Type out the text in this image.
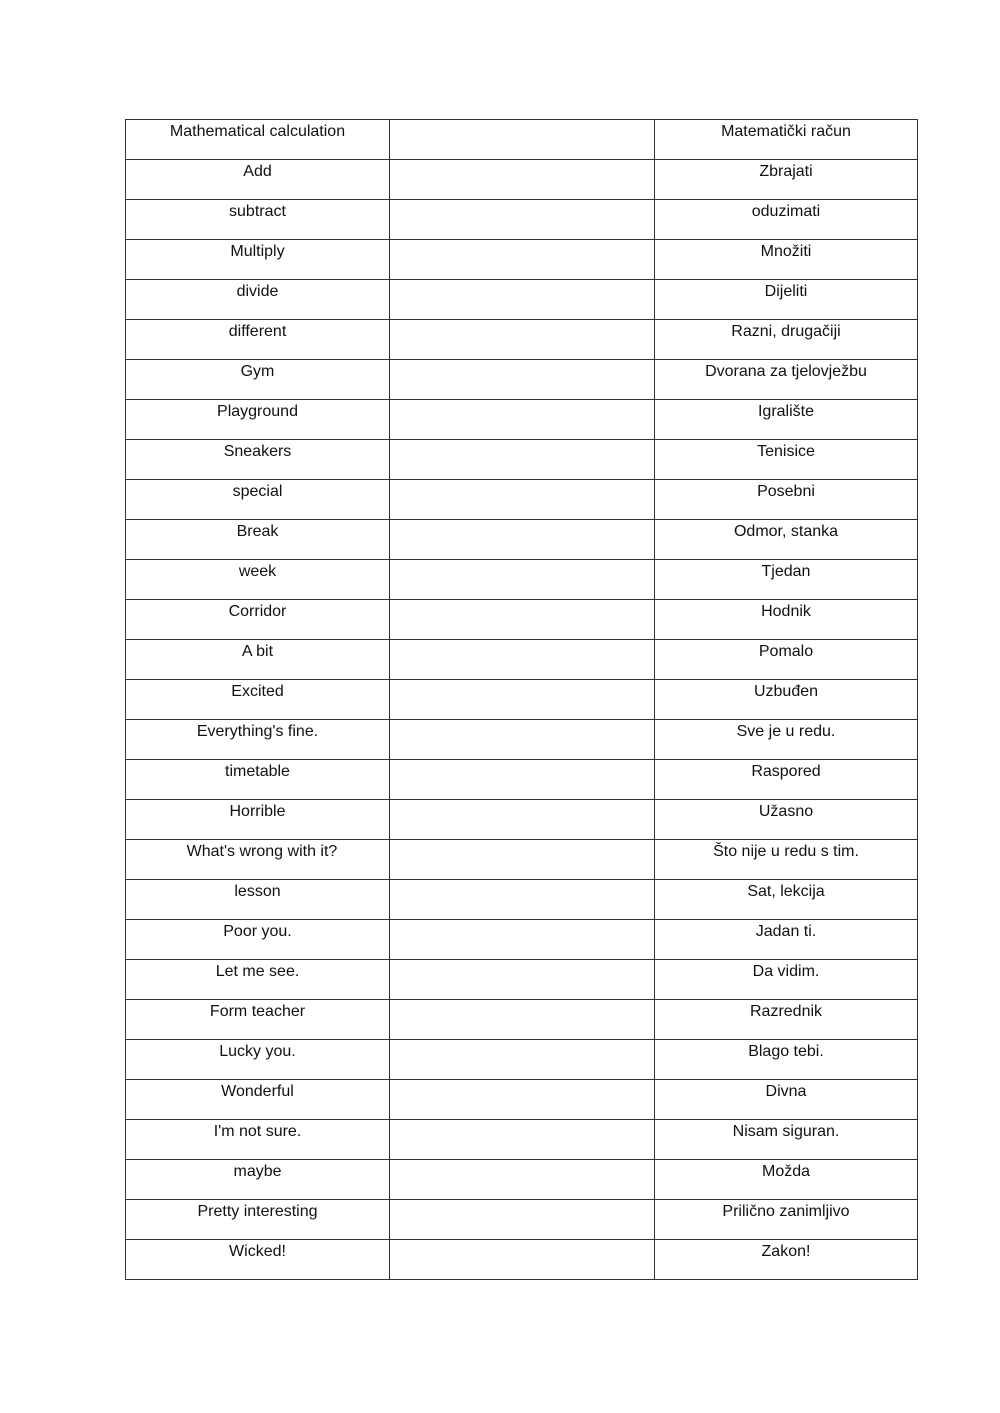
Mathematical calculation		Matematički račun

Add		Zbrajati

subtract		oduzimati

Multiply		Množiti

divide		Dijeliti

different		Razni, drugačiji

Gym		Dvorana za tjelovježbu

Playground		Igralište

Sneakers		Tenisice

special		Posebni

Break		Odmor, stanka

week		Tjedan

Corridor		Hodnik

A bit		Pomalo

Excited		Uzbuđen

Everything's fine.		Sve je u redu.

timetable		Raspored

Horrible		Užasno

What's wrong with it?		Što nije u redu s tim.

lesson		Sat, lekcija

Poor you.		Jadan ti.

Let me see.		Da vidim.

Form teacher		Razrednik

Lucky you.		Blago tebi.

Wonderful		Divna

I'm not sure.		Nisam siguran.

maybe		Možda

Pretty interesting		Prilično zanimljivo

Wicked!		Zakon!
